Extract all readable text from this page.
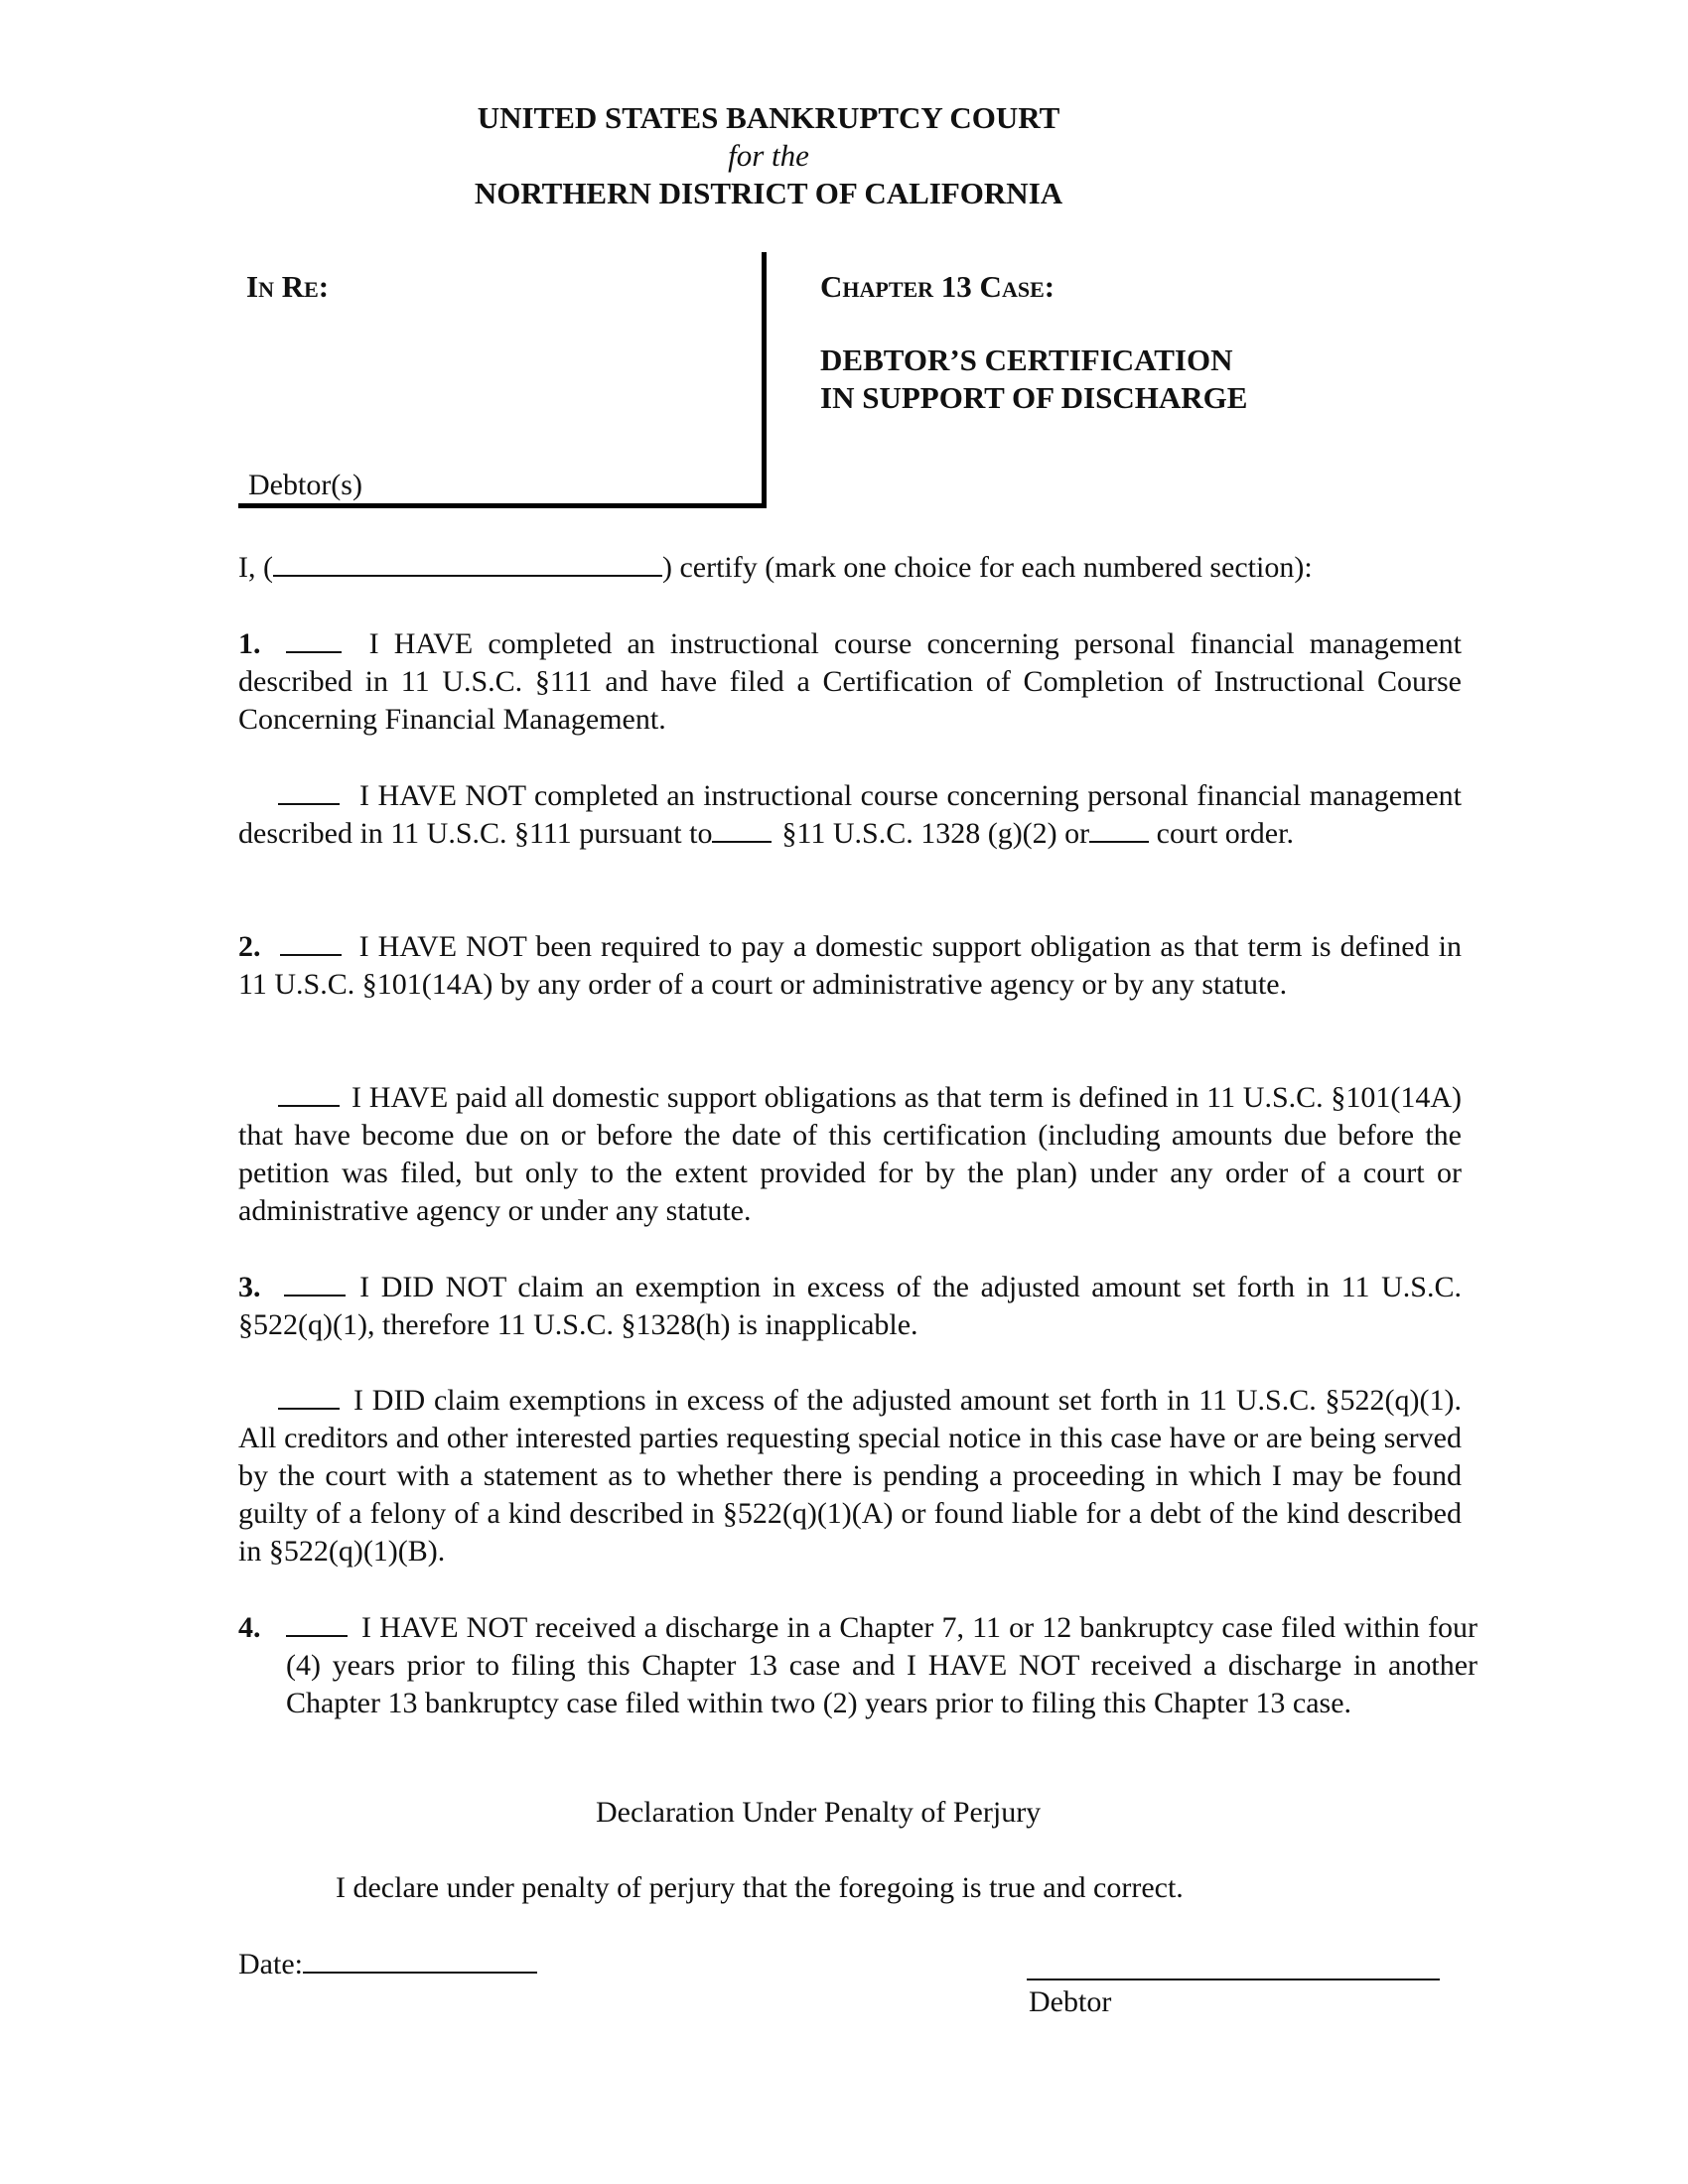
UNITED STATES BANKRUPTCY COURT
for the
NORTHERN DISTRICT OF CALIFORNIA
In Re:
Debtor(s)
Chapter 13 Case:
DEBTOR’S CERTIFICATION
IN SUPPORT OF DISCHARGE
I, (	) certify (mark one choice for each numbered section):
1.	I HAVE completed an instructional course concerning personal financial management described in 11 U.S.C. §111 and have filed a Certification of Completion of Instructional Course Concerning Financial Management.
I HAVE NOT completed an instructional course concerning personal financial management described in 11 U.S.C. §111 pursuant to §11 U.S.C. 1328 (g)(2) or court order.
2.	I HAVE NOT been required to pay a domestic support obligation as that term is defined in 11 U.S.C. §101(14A) by any order of a court or administrative agency or by any statute.
I HAVE paid all domestic support obligations as that term is defined in 11 U.S.C. §101(14A) that have become due on or before the date of this certification (including amounts due before the petition was filed, but only to the extent provided for by the plan) under any order of a court or administrative agency or under any statute.
3.	I DID NOT claim an exemption in excess of the adjusted amount set forth in 11 U.S.C. §522(q)(1), therefore 11 U.S.C. §1328(h) is inapplicable.
I DID claim exemptions in excess of the adjusted amount set forth in 11 U.S.C. §522(q)(1). All creditors and other interested parties requesting special notice in this case have or are being served by the court with a statement as to whether there is pending a proceeding in which I may be found guilty of a felony of a kind described in §522(q)(1)(A) or found liable for a debt of the kind described in §522(q)(1)(B).
4.	I HAVE NOT received a discharge in a Chapter 7, 11 or 12 bankruptcy case filed within four (4) years prior to filing this Chapter 13 case and I HAVE NOT received a discharge in another Chapter 13 bankruptcy case filed within two (2) years prior to filing this Chapter 13 case.
Declaration Under Penalty of Perjury
I declare under penalty of perjury that the foregoing is true and correct.
Date:
Debtor
